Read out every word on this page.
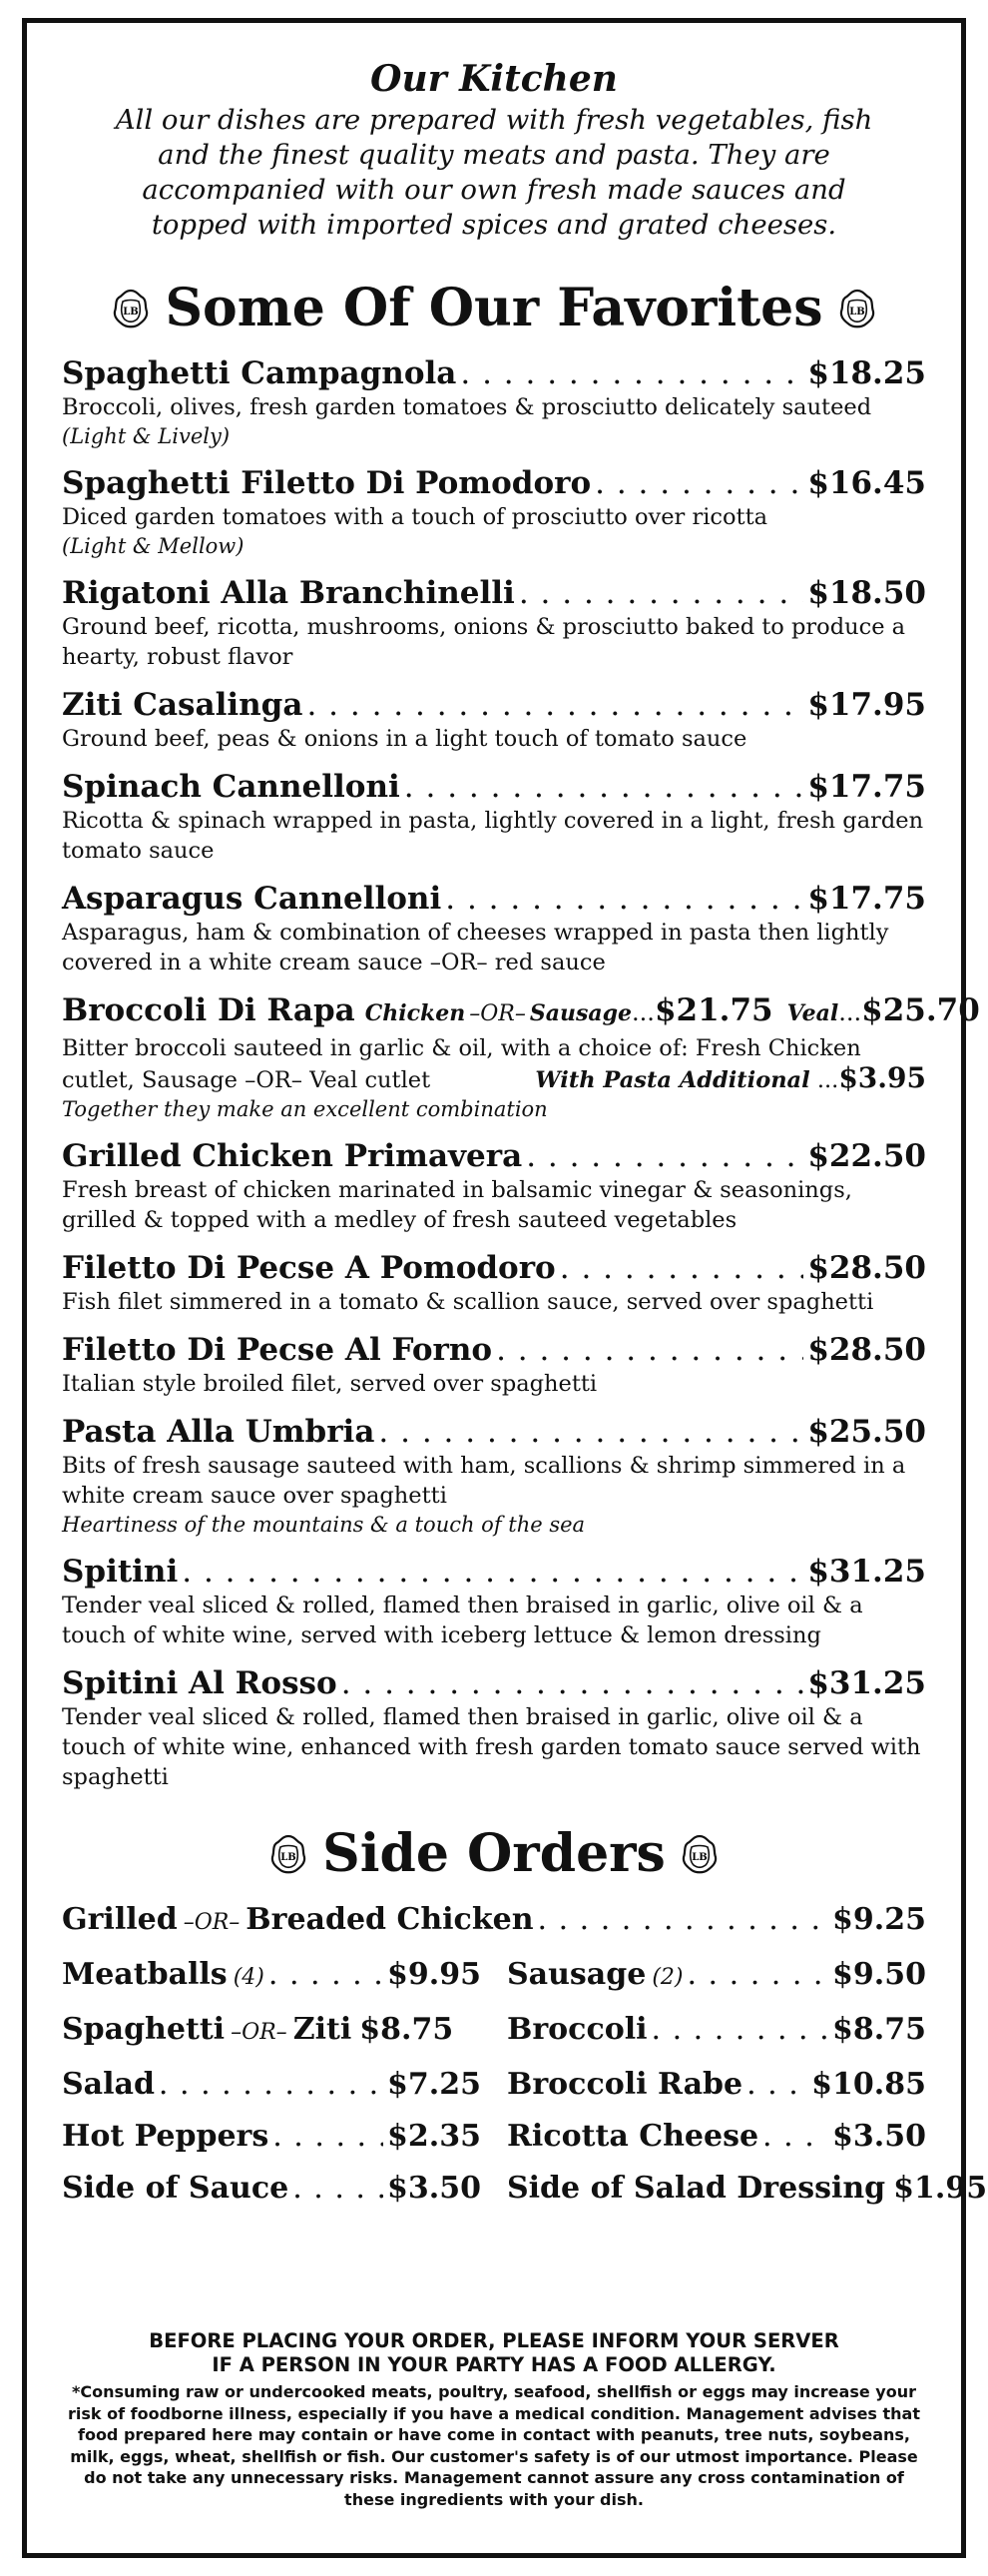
Our Kitchen

All our dishes are prepared with fresh vegetables, fish and the finest quality meats and pasta. They are accompanied with our own fresh made sauces and topped with imported spices and grated cheeses.

LB Some Of Our Favorites	LB
Spaghetti Campagnola . . .	$18.25

Broccoli, olives, fresh garden tomatoes & prosciutto delicately sauteed

(Light & Lively)

Spaghetti Filetto Di Pomodoro . . .	$16.45

Diced garden tomatoes with a touch of prosciutto over ricotta

(Light & Mellow)

Rigatoni Alla Branchinelli . . .	$18.50

Ground beef, ricotta, mushrooms, onions & prosciutto baked to produce a hearty, robust flavor

Ziti Casalinga . . .	$17.95

Ground beef, peas & onions in a light touch of tomato sauce

Spinach Cannelloni . . .	$17.75

Ricotta & spinach wrapped in pasta, lightly covered in a light, fresh garden tomato sauce

Asparagus Cannelloni . . .	$17.75

Asparagus, ham & combination of cheeses wrapped in pasta then lightly covered in a white cream sauce –OR– red sauce

Broccoli Di Rapa Chicken –OR– Sausage ... $21.75 Veal ... $25.70

Bitter broccoli sauteed in garlic & oil, with a choice of: Fresh Chicken

cutlet, Sausage –OR– Veal cutlet	With Pasta Additional ...$3.95

Together they make an excellent combination

Grilled Chicken Primavera . . .	$22.50

Fresh breast of chicken marinated in balsamic vinegar & seasonings, grilled & topped with a medley of fresh sauteed vegetables

Filetto Di Pecse A Pomodoro . . .	$28.50

Fish filet simmered in a tomato & scallion sauce, served over spaghetti

Filetto Di Pecse Al Forno . . .	$28.50

Italian style broiled filet, served over spaghetti

Pasta Alla Umbria . . .	$25.50

Bits of fresh sausage sauteed with ham, scallions & shrimp simmered in a white cream sauce over spaghetti

Heartiness of the mountains & a touch of the sea

Spitini . . .	$31.25

Tender veal sliced & rolled, flamed then braised in garlic, olive oil & a touch of white wine, served with iceberg lettuce & lemon dressing

Spitini Al Rosso . . .	$31.25

Tender veal sliced & rolled, flamed then braised in garlic, olive oil & a touch of white wine, enhanced with fresh garden tomato sauce served with spaghetti

LB Side Orders	LB
Grilled –OR– Breaded Chicken . . .	$9.25
Meatballs (4) . . .	$9.95 Sausage (2) . . .	$9.50
Spaghetti –OR– Ziti $8.75 Broccoli . . .	$8.75
Salad . . .	$7.25 Broccoli Rabe . . . $10.85
Hot Peppers . . .	$2.35 Ricotta Cheese . . . $3.50
Side of Sauce . . .	$3.50 Side of Salad Dressing $1.95

BEFORE PLACING YOUR ORDER, PLEASE INFORM YOUR SERVER

IF A PERSON IN YOUR PARTY HAS A FOOD ALLERGY.

*Consuming raw or undercooked meats, poultry, seafood, shellfish or eggs may increase your risk of foodborne illness, especially if you have a medical condition. Management advises that food prepared here may contain or have come in contact with peanuts, tree nuts, soybeans, milk, eggs, wheat, shellfish or fish. Our customer's safety is of our utmost importance. Please do not take any unnecessary risks. Management cannot assure any cross contamination of these ingredients with your dish.
